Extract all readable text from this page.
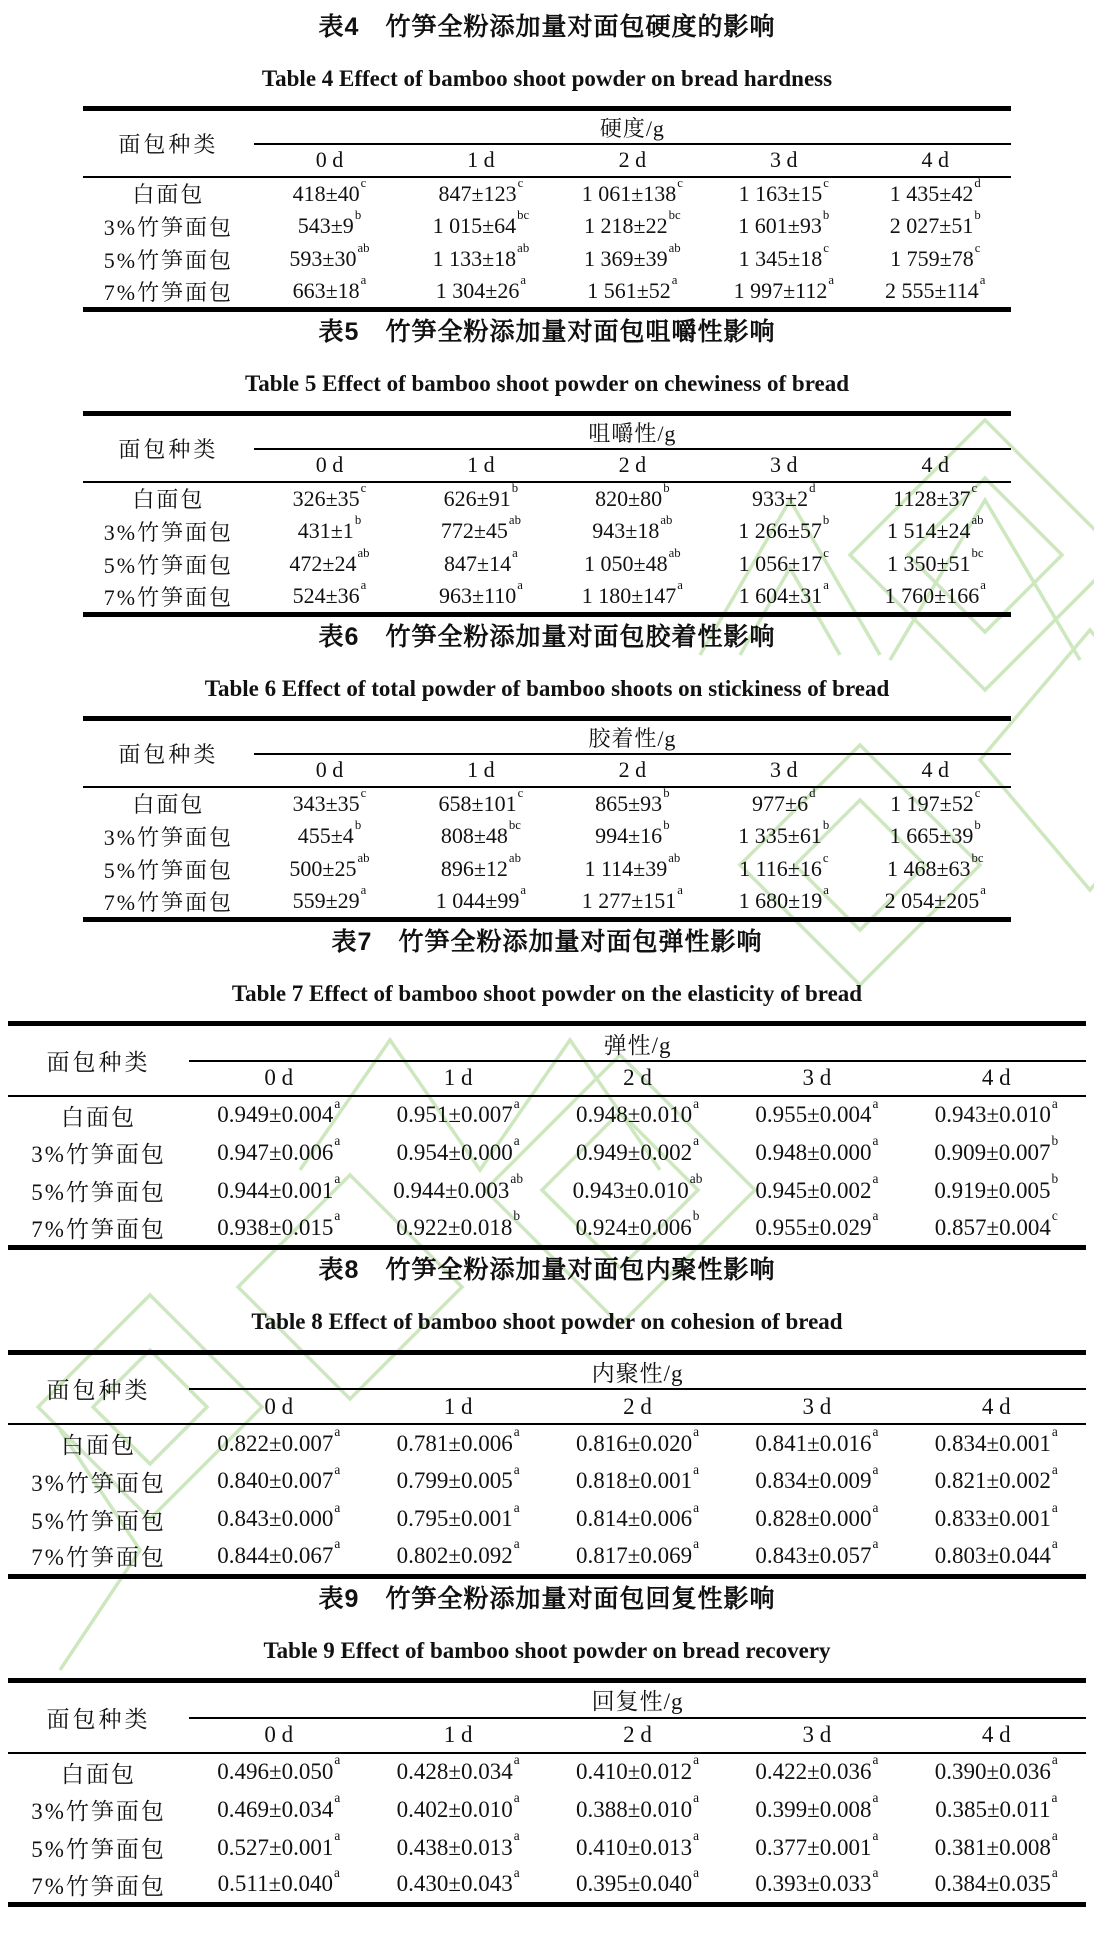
表4　竹笋全粉添加量对面包硬度的影响
Table 4 Effect of bamboo shoot powder on bread hardness
面包种类	硬度/g				
	0 d	1 d	2 d	3 d	4 d
白面包	$418\pm 40^c$	$847\pm 123^c$	1 $061\pm 138^c$	1 $163\pm 15^c$	1 $435\pm 42^d$
3%竹笋面包	$543\pm 9^b$	1 $015\pm 64^{bc}$	1 $218\pm 22^{bc}$	1 $601\pm 93^b$	2 $027\pm 51^b$
5%竹笋面包	$593\pm 30^{ab}$	1 $133\pm 18^{ab}$	1 $369\pm 39^{ab}$	1 $345\pm 18^c$	1 $759\pm 78^c$
7%竹笋面包	$663\pm 18^a$	1 $304\pm 26^a$	1 $561\pm 52^a$	1 $997\pm 112^a$	2 $555\pm 114^a$
表5　竹笋全粉添加量对面包咀嚼性影响
Table 5 Effect of bamboo shoot powder on chewiness of bread
面包种类	咀嚼性/g				
	0 d	1 d	2 d	3 d	4 d
白面包	$326\pm 35^c$	$626\pm 91^b$	$820\pm 80^b$	$933\pm 2^d$	$1128\pm 37^c$
3%竹笋面包	$431\pm 1^b$	$772\pm 45^{ab}$	$943\pm 18^{ab}$	1 $266\pm 57^b$	1 $514\pm 24^{ab}$
5%竹笋面包	$472\pm 24^{ab}$	$847\pm 14^a$	1 $050\pm 48^{ab}$	1 $056\pm 17^c$	1 $350\pm 51^{bc}$
7%竹笋面包	$524\pm 36^a$	$963\pm 110^a$	1 $180\pm 147^a$	1 $604\pm 31^a$	1 $760\pm 166^a$
表6　竹笋全粉添加量对面包胶着性影响
Table 6 Effect of total powder of bamboo shoots on stickiness of bread
面包种类	胶着性/g				
	0 d	1 d	2 d	3 d	4 d
白面包	$343\pm 35^c$	$658\pm 101^c$	$865\pm 93^b$	$977\pm 6^d$	1 $197\pm 52^c$
3%竹笋面包	$455\pm 4^b$	$808\pm 48^{bc}$	$994\pm 16^b$	1 $335\pm 61^b$	1 $665\pm 39^b$
5%竹笋面包	$500\pm 25^{ab}$	$896\pm 12^{ab}$	1 $114\pm 39^{ab}$	1 $116\pm 16^c$	1 $468\pm 63^{bc}$
7%竹笋面包	$559\pm 29^a$	1 $044\pm 99^a$	1 $277\pm 151^a$	1 $680\pm 19^a$	2 $054\pm 205^a$
表7　竹笋全粉添加量对面包弹性影响
Table 7 Effect of bamboo shoot powder on the elasticity of bread
面包种类	弹性/g				
	0 d	1 d	2 d	3 d	4 d
白面包	0.949±0.004$^a$	0.951±0.007$^a$	0.948±0.010$^a$	0.955±0.004$^a$	0.943±0.010$^a$
3%竹笋面包	0.947±0.006$^a$	0.954±0.000$^a$	0.949±0.002$^a$	0.948±0.000$^a$	0.909±0.007$^b$
5%竹笋面包	0.944±0.001$^a$	0.944±0.003$^{ab}$	0.943±0.010$^{ab}$	0.945±0.002$^a$	0.919±0.005$^b$
7%竹笋面包	0.938±0.015$^a$	0.922±0.018$^b$	0.924±0.006$^b$	0.955±0.029$^a$	0.857±0.004$^c$
表8　竹笋全粉添加量对面包内聚性影响
Table 8 Effect of bamboo shoot powder on cohesion of bread
面包种类	内聚性/g				
	0 d	1 d	2 d	3 d	4 d
白面包	0.822±0.007$^a$	0.781±0.006$^a$	0.816±0.020$^a$	0.841±0.016$^a$	0.834±0.001$^a$
3%竹笋面包	0.840±0.007$^a$	0.799±0.005$^a$	0.818±0.001$^a$	0.834±0.009$^a$	0.821±0.002$^a$
5%竹笋面包	0.843±0.000$^a$	0.795±0.001$^a$	0.814±0.006$^a$	0.828±0.000$^a$	0.833±0.001$^a$
7%竹笋面包	0.844±0.067$^a$	0.802±0.092$^a$	0.817±0.069$^a$	0.843±0.057$^a$	0.803±0.044$^a$
表9　竹笋全粉添加量对面包回复性影响
Table 9 Effect of bamboo shoot powder on bread recovery
面包种类	回复性/g				
	0 d	1 d	2 d	3 d	4 d
白面包	0.496±0.050$^a$	0.428±0.034$^a$	0.410±0.012$^a$	0.422±0.036$^a$	0.390±0.036$^a$
3%竹笋面包	0.469±0.034$^a$	0.402±0.010$^a$	0.388±0.010$^a$	0.399±0.008$^a$	0.385±0.011$^a$
5%竹笋面包	0.527±0.001$^a$	0.438±0.013$^a$	0.410±0.013$^a$	0.377±0.001$^a$	0.381±0.008$^a$
7%竹笋面包	0.511±0.040$^a$	0.430±0.043$^a$	0.395±0.040$^a$	0.393±0.033$^a$	0.384±0.035$^a$
